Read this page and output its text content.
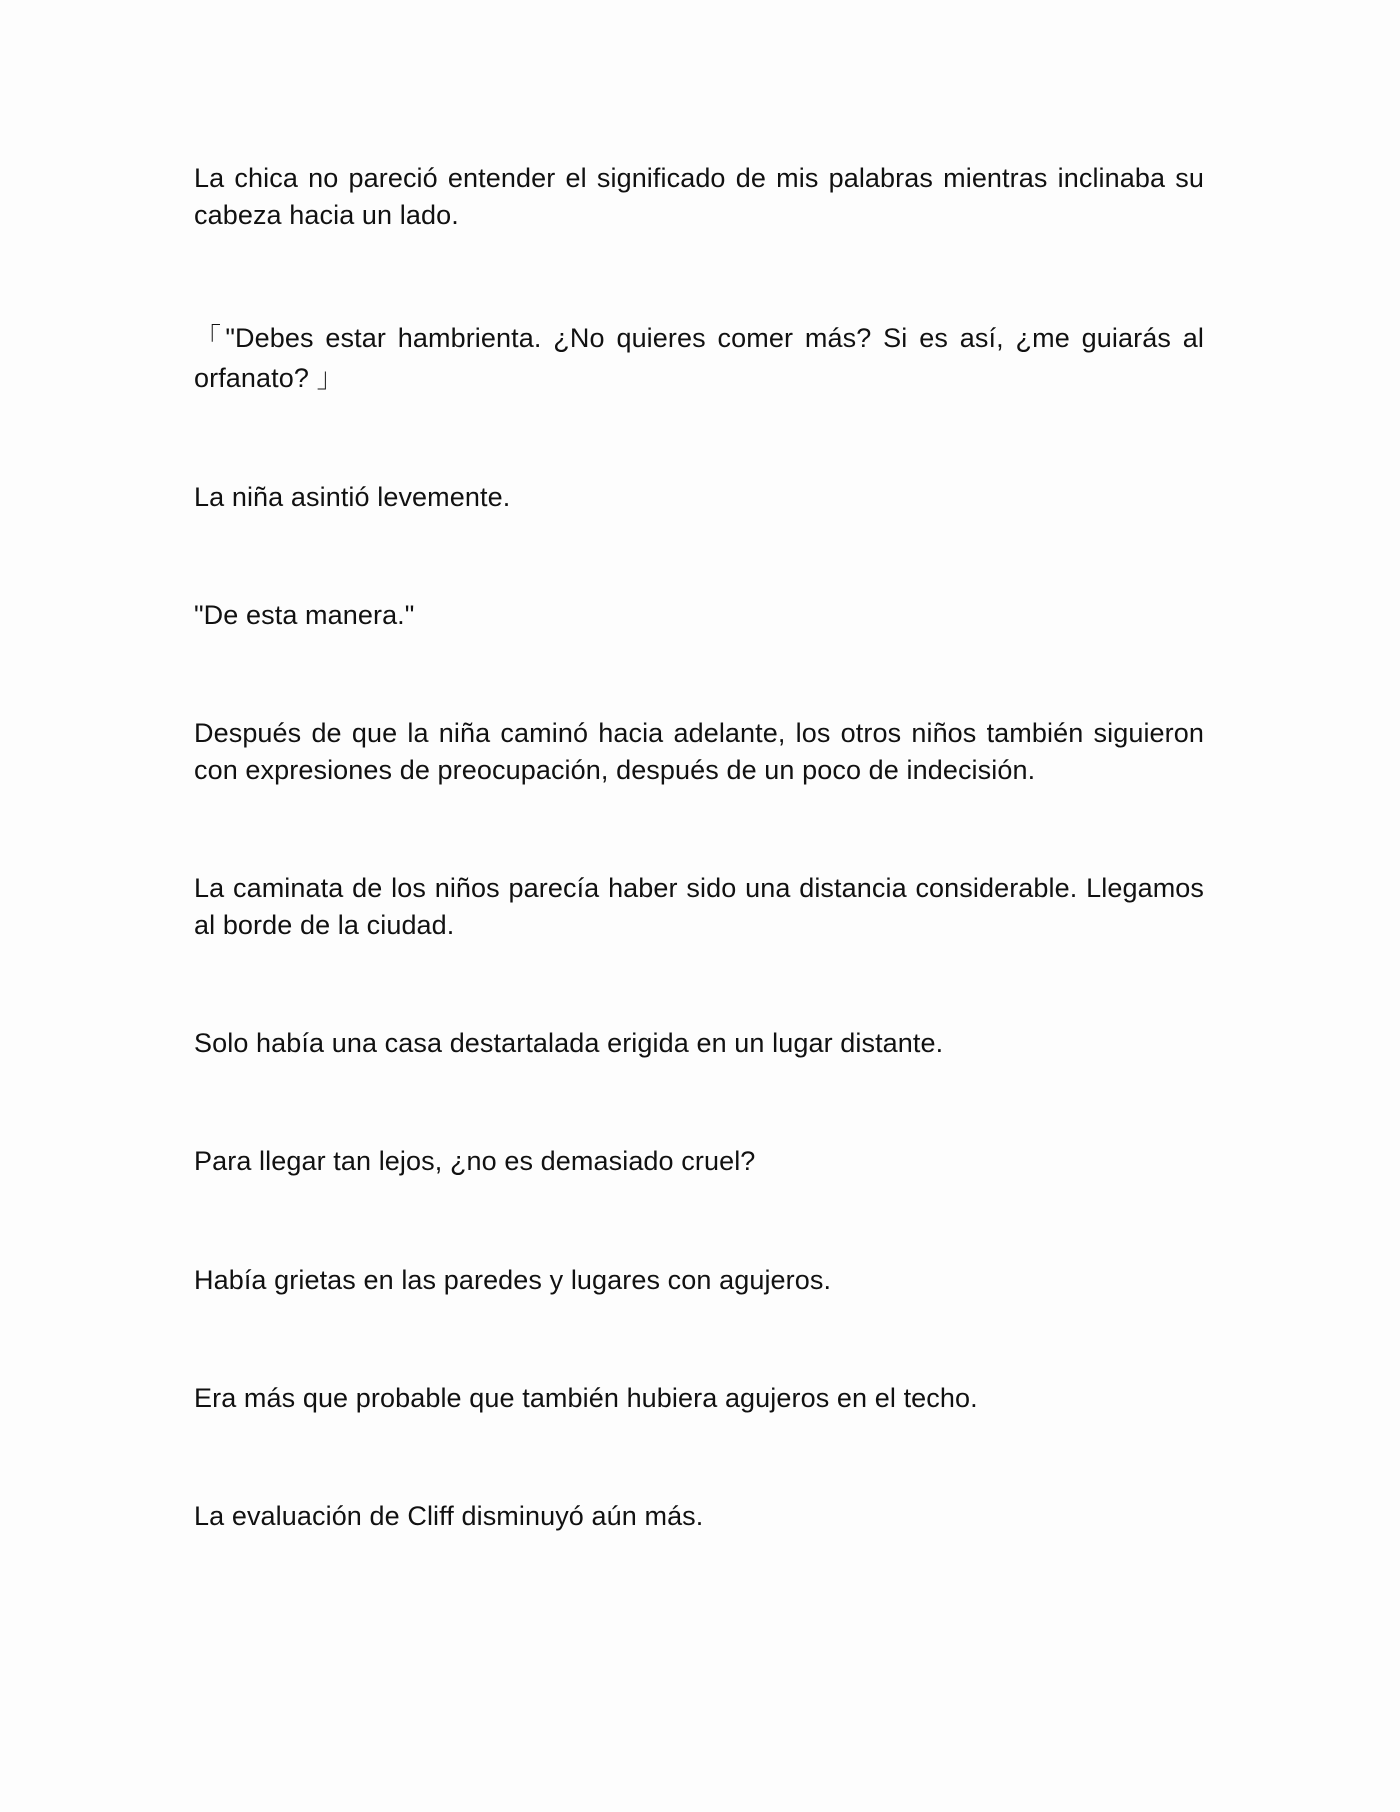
La chica no pareció entender el significado de mis palabras mientras inclinaba su cabeza hacia un lado.

「"Debes estar hambrienta. ¿No quieres comer más? Si es así, ¿me guiarás al orfanato? 」

La niña asintió levemente.

"De esta manera."

Después de que la niña caminó hacia adelante, los otros niños también siguieron con expresiones de preocupación, después de un poco de indecisión.

La caminata de los niños parecía haber sido una distancia considerable. Llegamos al borde de la ciudad.

Solo había una casa destartalada erigida en un lugar distante.

Para llegar tan lejos, ¿no es demasiado cruel?

Había grietas en las paredes y lugares con agujeros.

Era más que probable que también hubiera agujeros en el techo.

La evaluación de Cliff disminuyó aún más.
